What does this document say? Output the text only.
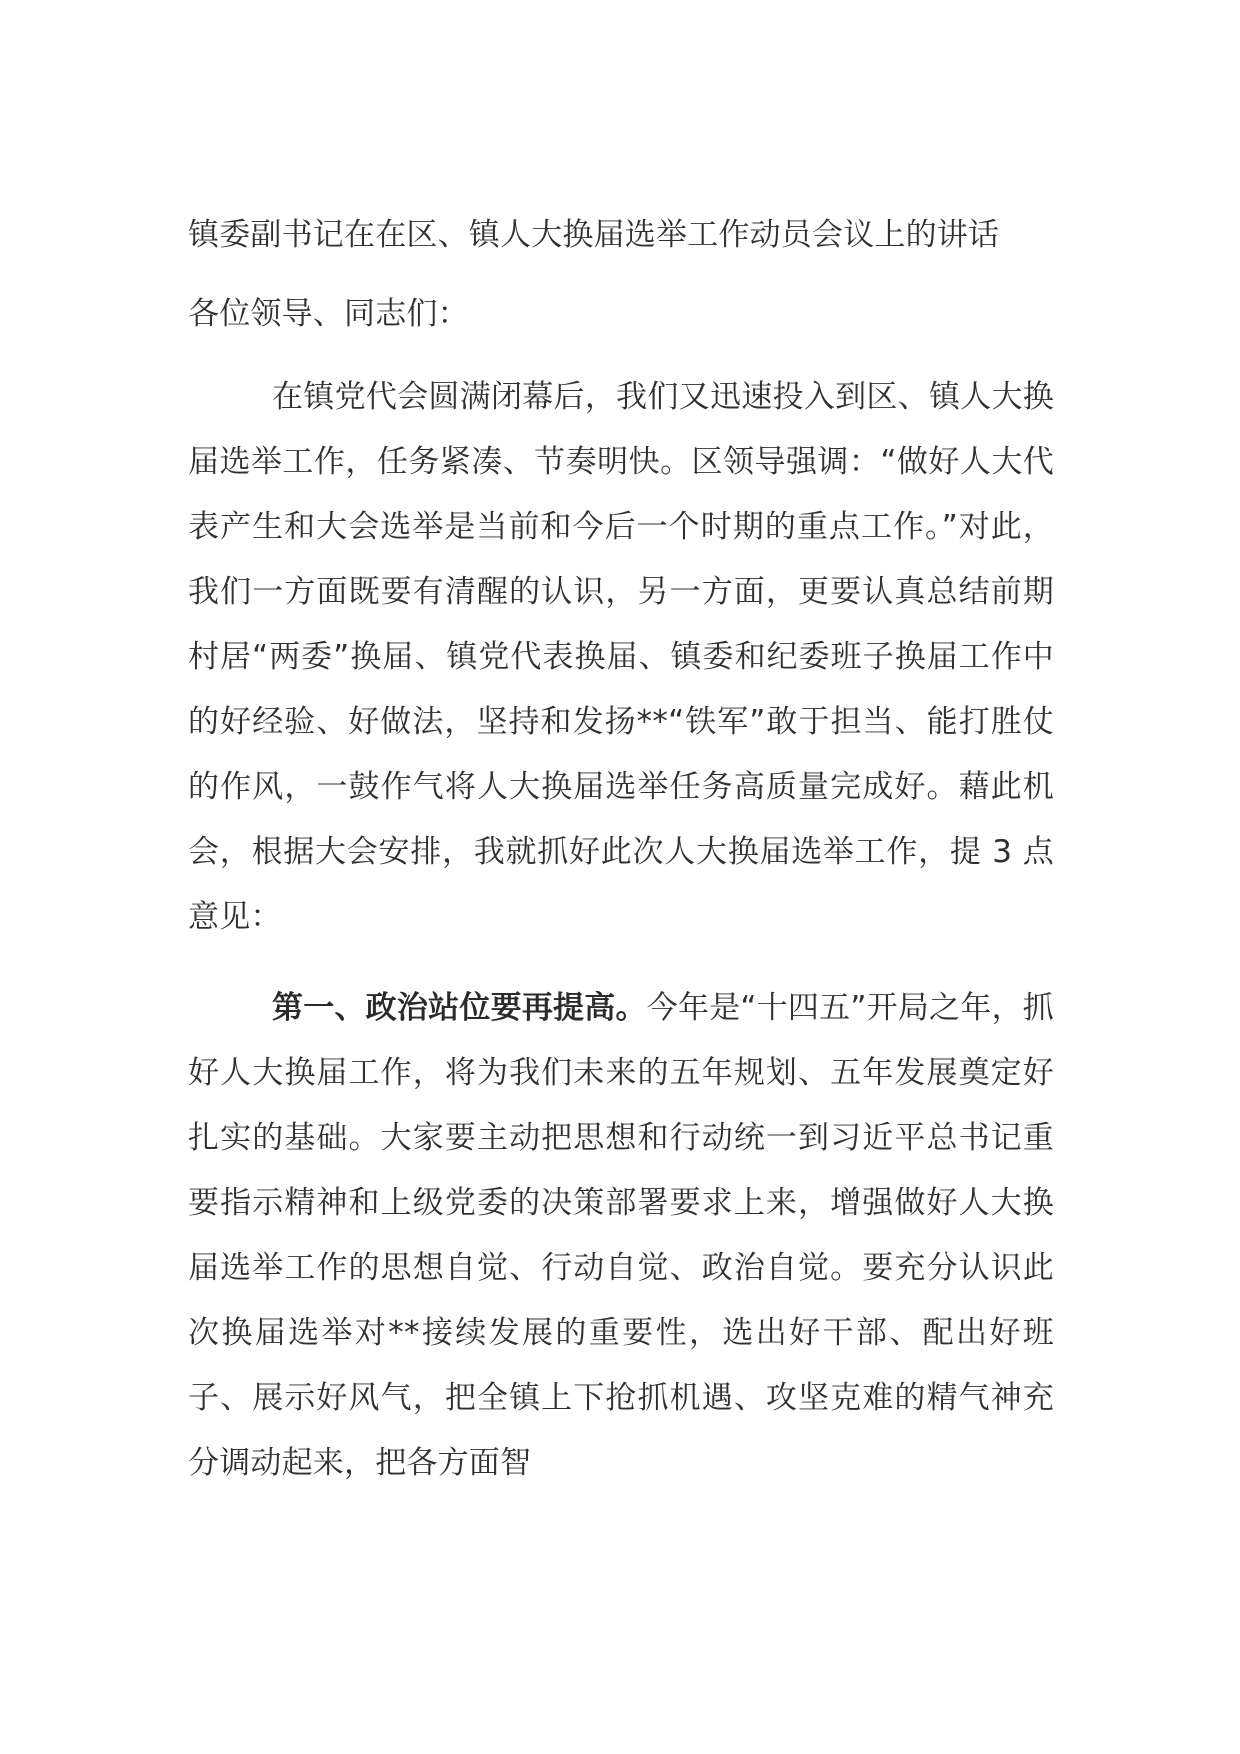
镇委副书记在在区、镇人大换届选举工作动员会议上的讲话

各位领导、同志们：

在镇党代会圆满闭幕后，我们又迅速投入到区、镇人大换届选举工作，任务紧凑、节奏明快。区领导强调：“做好人大代表产生和大会选举是当前和今后一个时期的重点工作。”对此，我们一方面既要有清醒的认识，另一方面，更要认真总结前期村居“两委”换届、镇党代表换届、镇委和纪委班子换届工作中的好经验、好做法，坚持和发扬**“铁军”敢于担当、能打胜仗的作风，一鼓作气将人大换届选举任务高质量完成好。藉此机会，根据大会安排，我就抓好此次人大换届选举工作，提 3 点意见：

第一、政治站位要再提高。今年是“十四五”开局之年，抓好人大换届工作，将为我们未来的五年规划、五年发展奠定好扎实的基础。大家要主动把思想和行动统一到习近平总书记重要指示精神和上级党委的决策部署要求上来，增强做好人大换届选举工作的思想自觉、行动自觉、政治自觉。要充分认识此次换届选举对**接续发展的重要性，选出好干部、配出好班子、展示好风气，把全镇上下抢抓机遇、攻坚克难的精气神充分调动起来，把各方面智
